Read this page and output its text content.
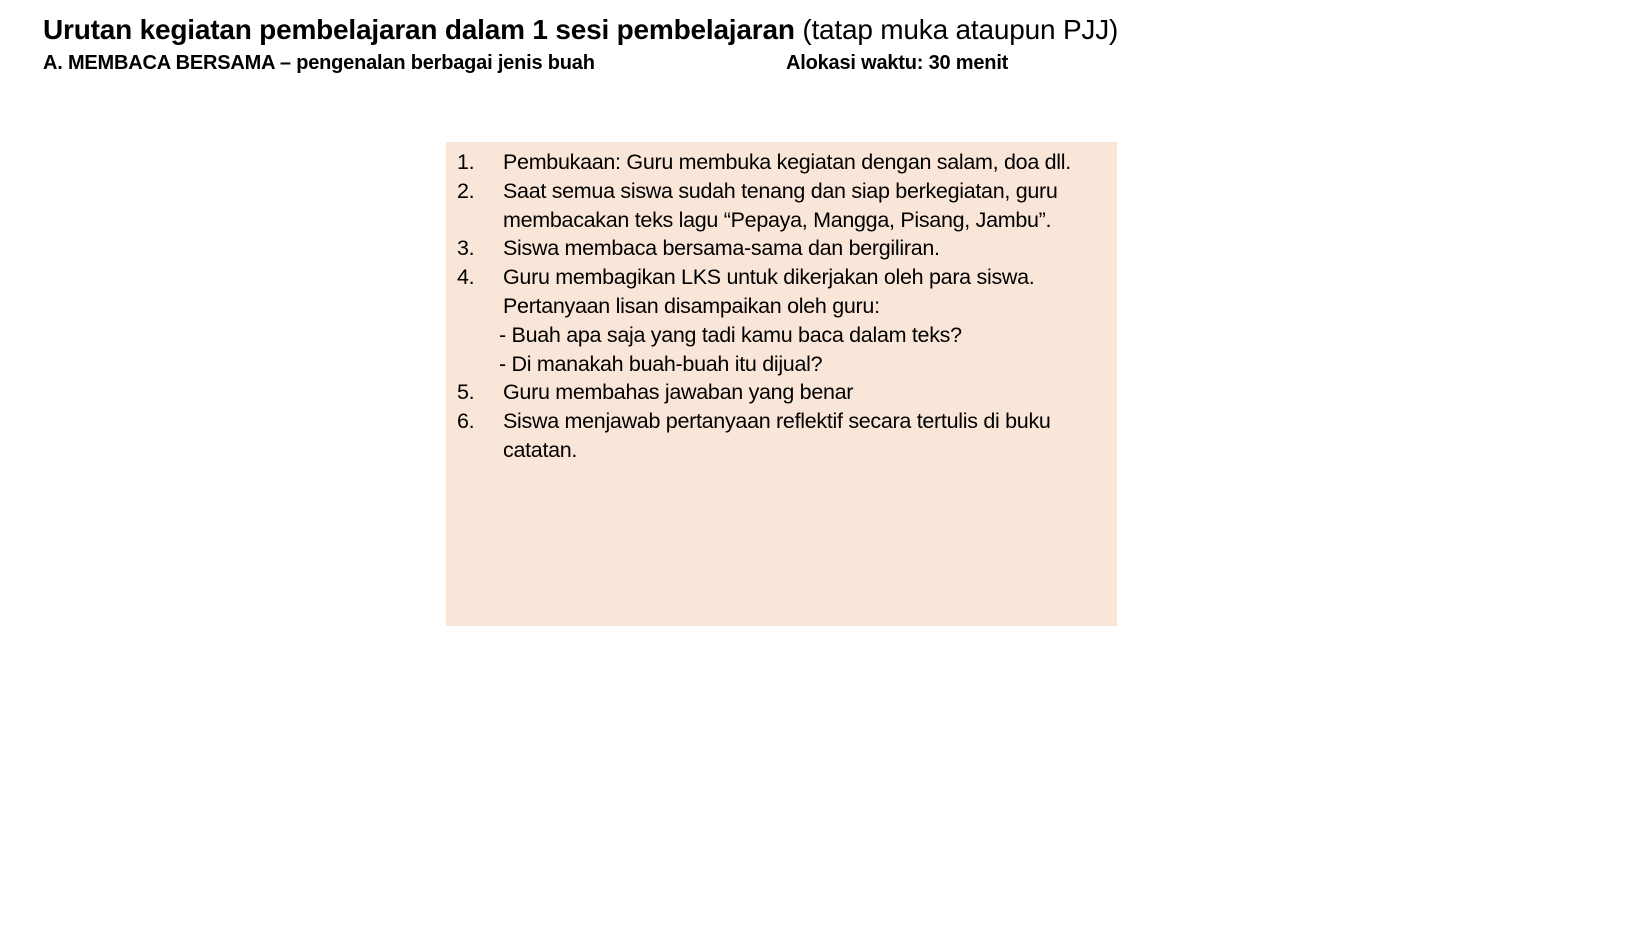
Urutan kegiatan pembelajaran dalam 1 sesi pembelajaran (tatap muka ataupun PJJ)
A. MEMBACA BERSAMA – pengenalan berbagai jenis buah	Alokasi waktu: 30 menit
1. Pembukaan: Guru membuka kegiatan dengan salam, doa dll.
2. Saat semua siswa sudah tenang dan siap berkegiatan, guru
membacakan teks lagu “Pepaya, Mangga, Pisang, Jambu”.
3. Siswa membaca bersama-sama dan bergiliran.
4. Guru membagikan LKS untuk dikerjakan oleh para siswa.
Pertanyaan lisan disampaikan oleh guru:
- Buah apa saja yang tadi kamu baca dalam teks?
- Di manakah buah-buah itu dijual?
5. Guru membahas jawaban yang benar
6. Siswa menjawab pertanyaan reflektif secara tertulis di buku
catatan.
